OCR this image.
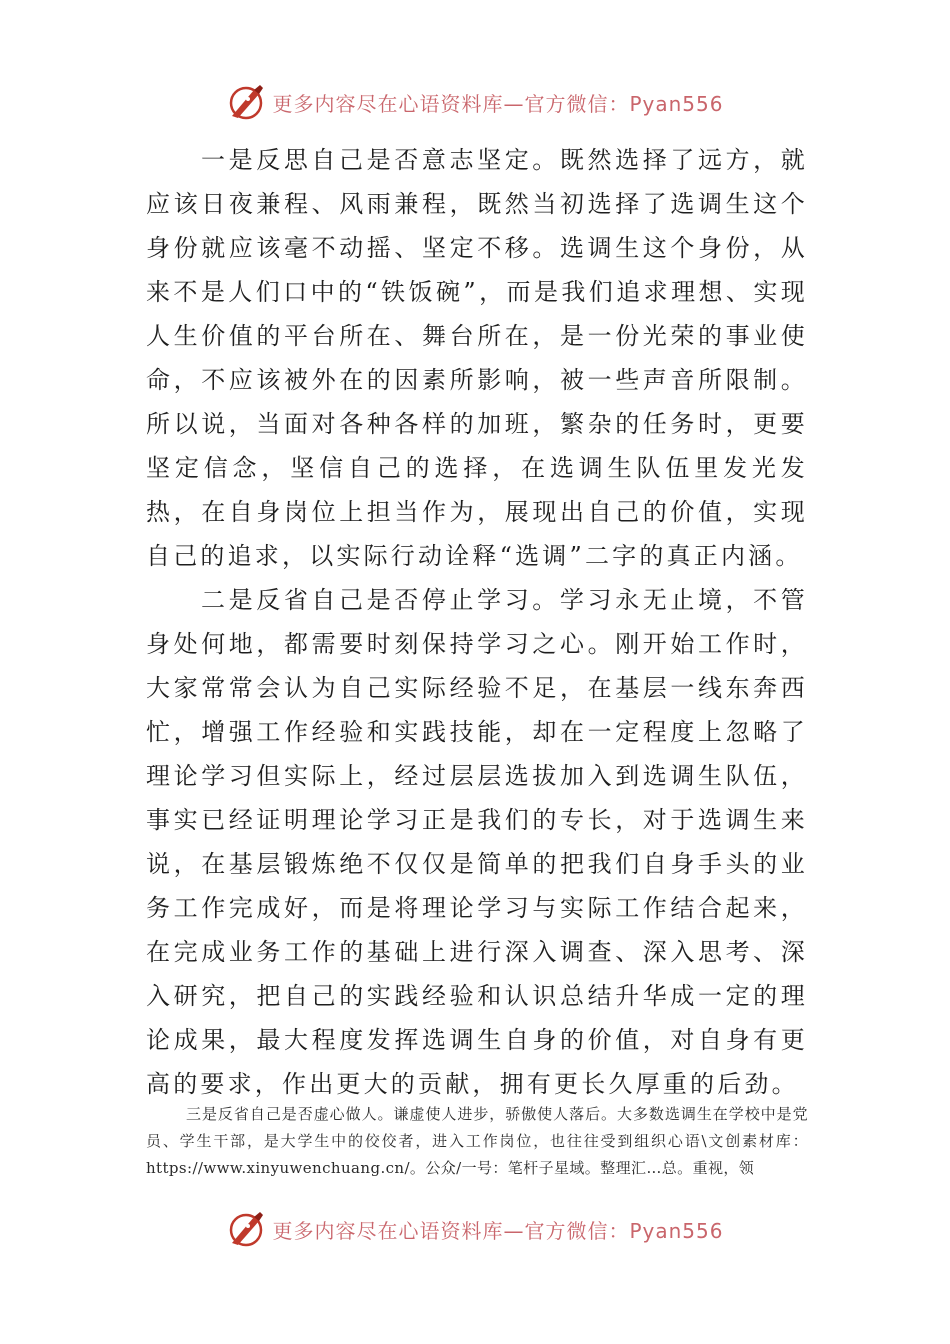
更多内容尽在心语资料库—官方微信：Pyan556

一是反思自己是否意志坚定。既然选择了远方，就应该日夜兼程、风雨兼程，既然当初选择了选调生这个身份就应该毫不动摇、坚定不移。选调生这个身份，从来不是人们口中的“铁饭碗”，而是我们追求理想、实现人生价值的平台所在、舞台所在，是一份光荣的事业使命，不应该被外在的因素所影响，被一些声音所限制。所以说，当面对各种各样的加班，繁杂的任务时，更要坚定信念，坚信自己的选择，在选调生队伍里发光发热，在自身岗位上担当作为，展现出自己的价值，实现自己的追求，以实际行动诠释“选调”二字的真正内涵。

二是反省自己是否停止学习。学习永无止境，不管身处何地，都需要时刻保持学习之心。刚开始工作时，大家常常会认为自己实际经验不足，在基层一线东奔西忙，增强工作经验和实践技能，却在一定程度上忽略了理论学习但实际上，经过层层选拔加入到选调生队伍，事实已经证明理论学习正是我们的专长，对于选调生来说，在基层锻炼绝不仅仅是简单的把我们自身手头的业务工作完成好，而是将理论学习与实际工作结合起来，在完成业务工作的基础上进行深入调查、深入思考、深入研究，把自己的实践经验和认识总结升华成一定的理论成果，最大程度发挥选调生自身的价值，对自身有更高的要求，作出更大的贡献，拥有更长久厚重的后劲。

三是反省自己是否虚心做人。谦虚使人进步，骄傲使人落后。大多数选调生在学校中是党员、学生干部，是大学生中的佼佼者，进入工作岗位，也往往受到组织心语\文创素材库：https://www.xinyuwenchuang.cn/。公众/一号：笔杆子星域。整理汇…总。重视，领

更多内容尽在心语资料库—官方微信：Pyan556
